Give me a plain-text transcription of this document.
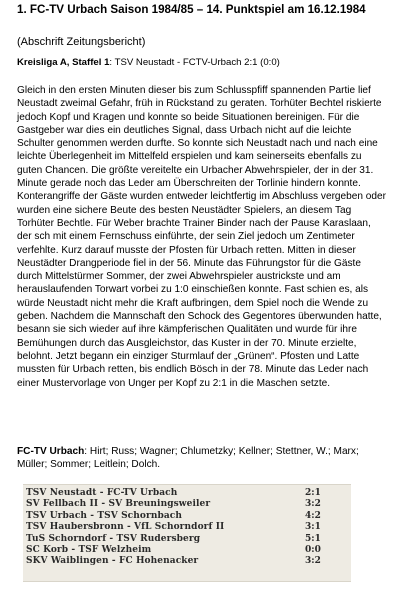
1. FC-TV Urbach Saison 1984/85 – 14. Punktspiel am 16.12.1984
(Abschrift Zeitungsbericht)
Kreisliga A, Staffel 1: TSV Neustadt - FCTV-Urbach 2:1 (0:0)

Gleich in den ersten Minuten dieser bis zum Schlusspfiff spannenden Partie lief Neustadt zweimal Gefahr, früh in Rückstand zu geraten. Torhüter Bechtel riskierte jedoch Kopf und Kragen und konnte so beide Situationen bereinigen. Für die Gastgeber war dies ein deutliches Signal, dass Urbach nicht auf die leichte Schulter genommen werden durfte. So konnte sich Neustadt nach und nach eine leichte Überlegenheit im Mittelfeld erspielen und kam seinerseits ebenfalls zu guten Chancen. Die größte vereitelte ein Urbacher Abwehrspieler, der in der 31. Minute gerade noch das Leder am Überschreiten der Torlinie hindern konnte. Konterangriffe der Gäste wurden entweder leichtfertig im Abschluss vergeben oder wurden eine sichere Beute des besten Neustädter Spielers, an diesem Tag Torhüter Bechtle. Für Weber brachte Trainer Binder nach der Pause Karaslaan, der sch mit einem Fernschuss einführte, der sein Ziel jedoch um Zentimeter verfehlte. Kurz darauf musste der Pfosten für Urbach retten. Mitten in dieser Neustädter Drangperiode fiel in der 56. Minute das Führungstor für die Gäste durch Mittelstürmer Sommer, der zwei Abwehrspieler austrickste und am herauslaufenden Torwart vorbei zu 1:0 einschießen konnte. Fast schien es, als würde Neustadt nicht mehr die Kraft aufbringen, dem Spiel noch die Wende zu geben. Nachdem die Mannschaft den Schock des Gegentores überwunden hatte, besann sie sich wieder auf ihre kämpferischen Qualitäten und wurde für ihre Bemühungen durch das Ausgleichstor, das Kuster in der 70. Minute erzielte, belohnt. Jetzt begann ein einziger Sturmlauf der „Grünen“. Pfosten und Latte mussten für Urbach retten, bis endlich Bösch in der 78. Minute das Leder nach einer Mustervorlage von Unger per Kopf zu 2:1 in die Maschen setzte.

FC-TV Urbach: Hirt; Russ; Wagner; Chlumetzky; Kellner; Stettner, W.; Marx; Müller; Sommer; Leitlein; Dolch.

TSV Neustadt - FC-TV Urbach	2:1
SV Fellbach II - SV Breuningsweiler	3:2
TSV Urbach - TSV Schornbach	4:2
TSV Haubersbronn - VfL Schorndorf II	3:1
TuS Schorndorf - TSV Rudersberg	5:1
SC Korb - TSF Welzheim	0:0
SKV Waiblingen - FC Hohenacker	3:2
